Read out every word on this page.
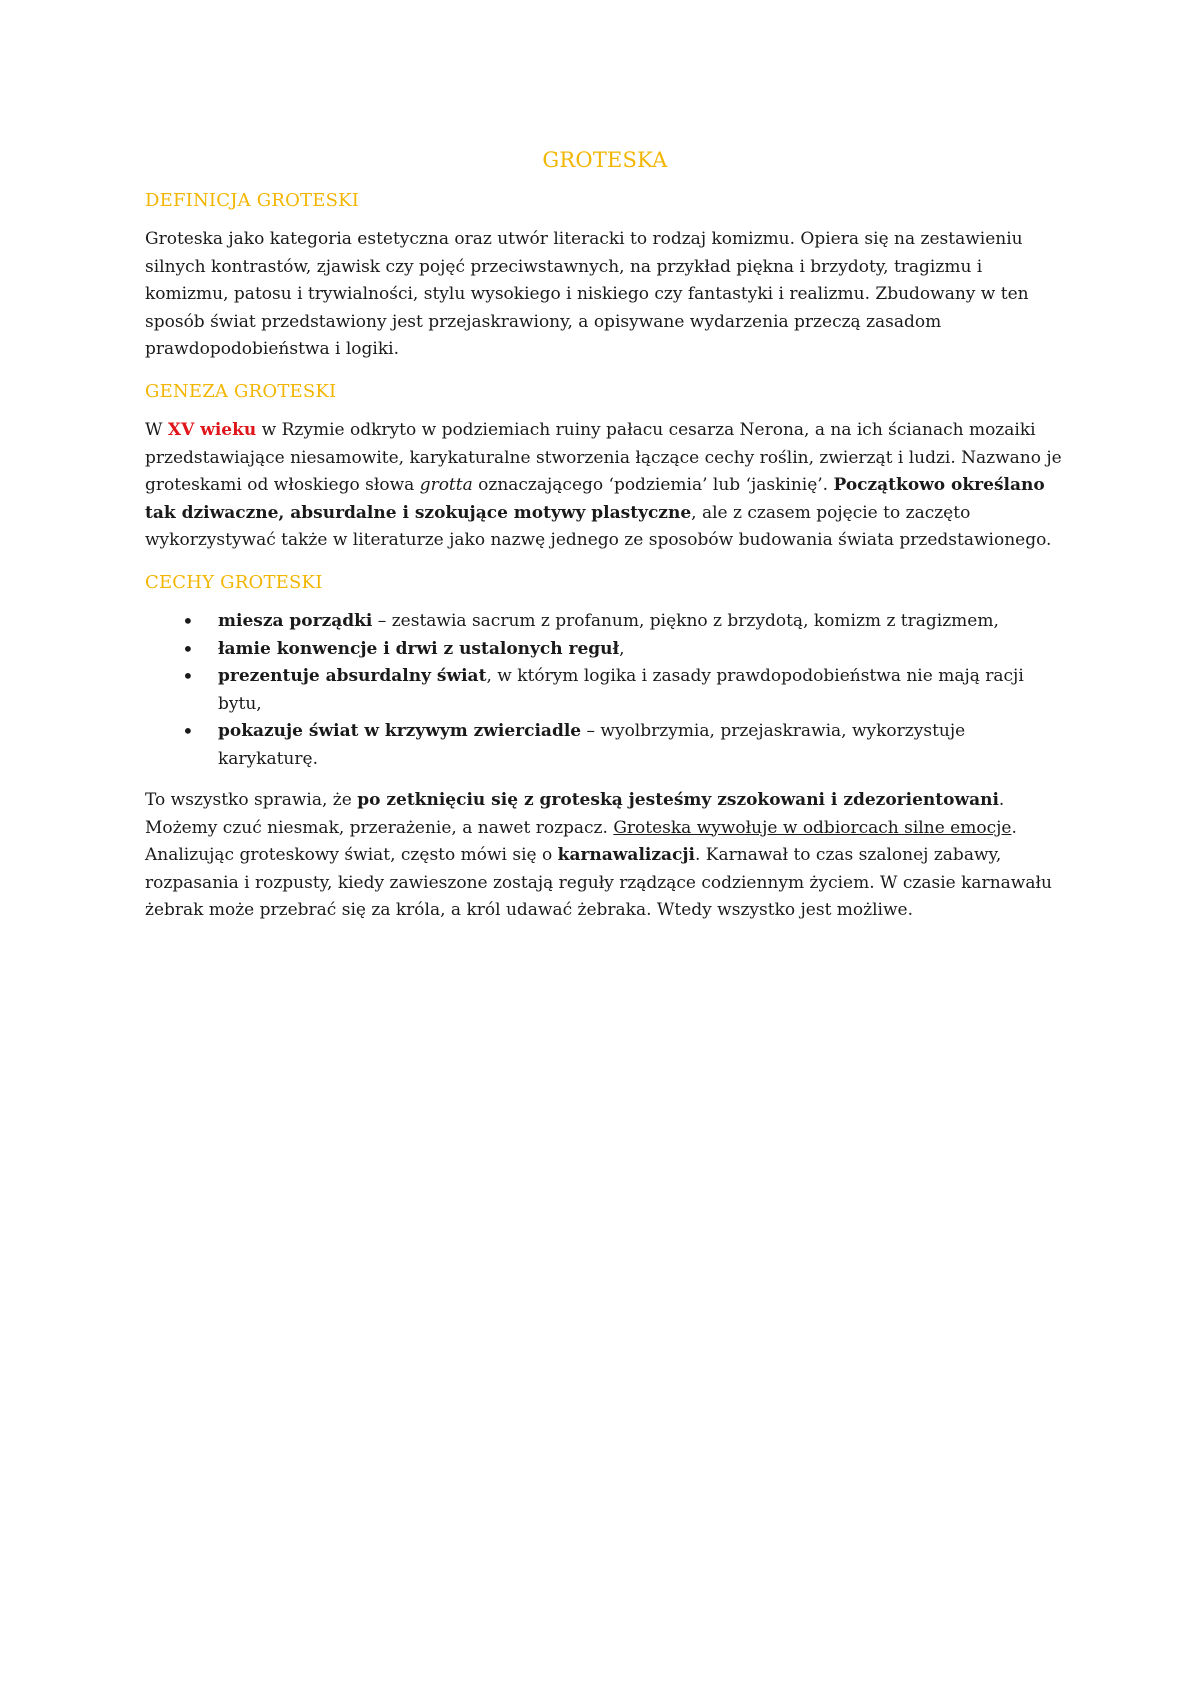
GROTESKA
DEFINICJA GROTESKI

Groteska jako kategoria estetyczna oraz utwór literacki to rodzaj komizmu. Opiera się na zestawieniu silnych kontrastów, zjawisk czy pojęć przeciwstawnych, na przykład piękna i brzydoty, tragizmu i komizmu, patosu i trywialności, stylu wysokiego i niskiego czy fantastyki i realizmu. Zbudowany w ten sposób świat przedstawiony jest przejaskrawiony, a opisywane wydarzenia przeczą zasadom prawdopodobieństwa i logiki.

GENEZA GROTESKI

W XV wieku w Rzymie odkryto w podziemiach ruiny pałacu cesarza Nerona, a na ich ścianach mozaiki przedstawiające niesamowite, karykaturalne stworzenia łączące cechy roślin, zwierząt i ludzi. Nazwano je groteskami od włoskiego słowa grotta oznaczającego ‘podziemia’ lub ‘jaskinię’. Początkowo określano tak dziwaczne, absurdalne i szokujące motywy plastyczne, ale z czasem pojęcie to zaczęto wykorzystywać także w literaturze jako nazwę jednego ze sposobów budowania świata przedstawionego.

CECHY GROTESKI
• miesza porządki – zestawia sacrum z profanum, piękno z brzydotą, komizm z tragizmem,
• łamie konwencje i drwi z ustalonych reguł,
• prezentuje absurdalny świat, w którym logika i zasady prawdopodobieństwa nie mają racji bytu,
• pokazuje świat w krzywym zwierciadle – wyolbrzymia, przejaskrawia, wykorzystuje karykaturę.

To wszystko sprawia, że po zetknięciu się z groteską jesteśmy zszokowani i zdezorientowani. Możemy czuć niesmak, przerażenie, a nawet rozpacz. Groteska wywołuje w odbiorcach silne emocje. Analizując groteskowy świat, często mówi się o karnawalizacji. Karnawał to czas szalonej zabawy, rozpasania i rozpusty, kiedy zawieszone zostają reguły rządzące codziennym życiem. W czasie karnawału żebrak może przebrać się za króla, a król udawać żebraka. Wtedy wszystko jest możliwe.
